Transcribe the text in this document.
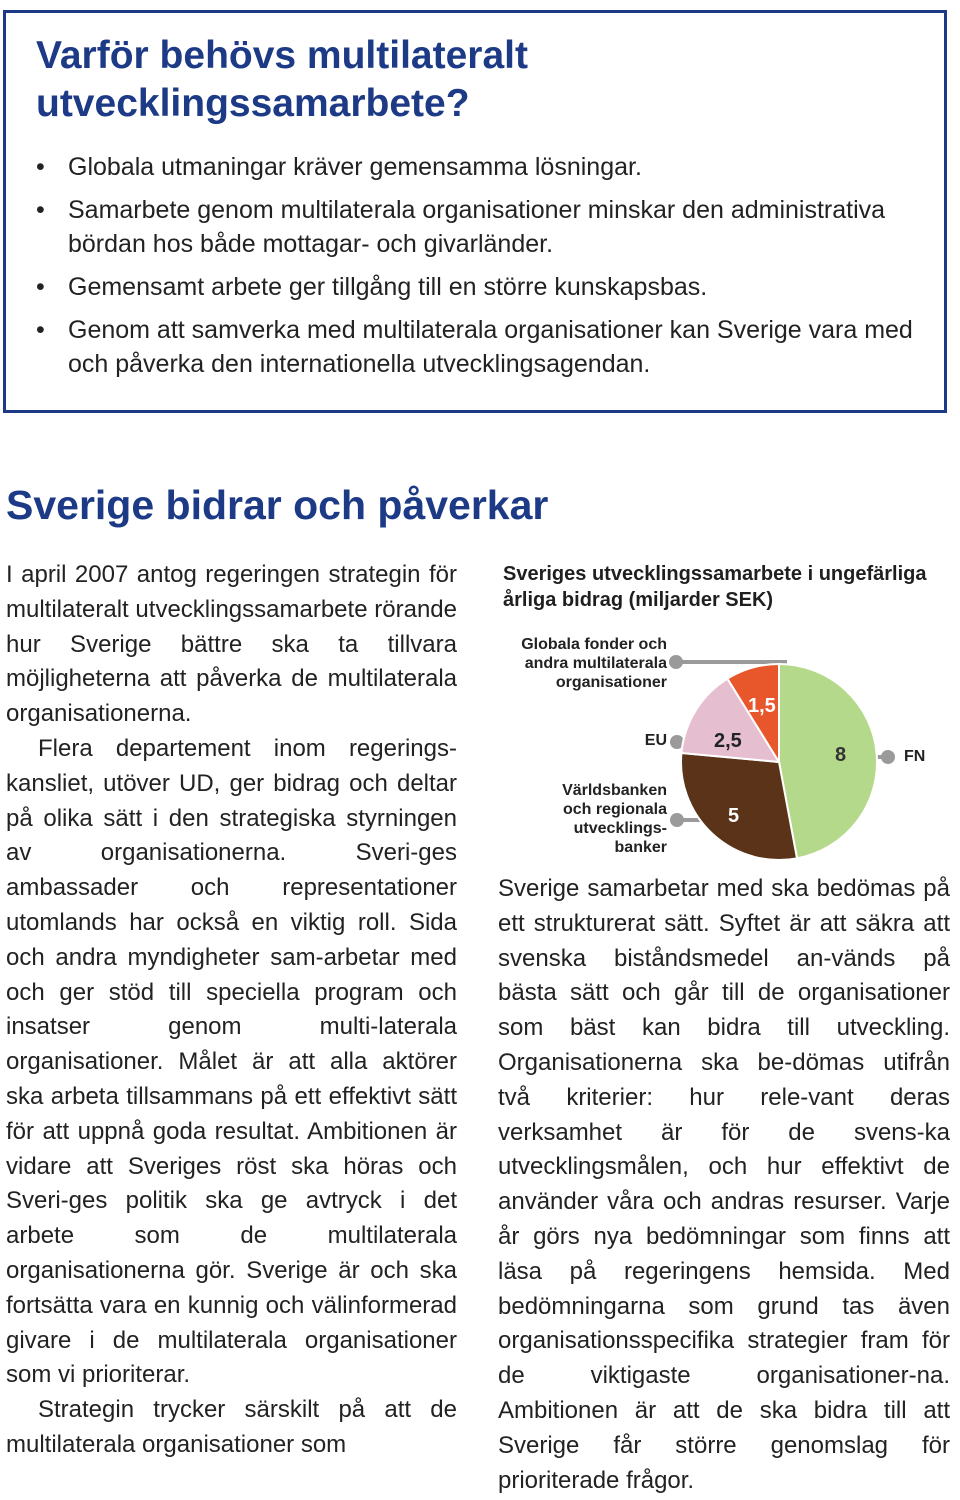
Varför behövs multilateralt utvecklingssamarbete?
• Globala utmaningar kräver gemensamma lösningar.
• Samarbete genom multilaterala organisationer minskar den administrativa bördan hos både mottagar- och givarländer.
• Gemensamt arbete ger tillgång till en större kunskapsbas.
• Genom att samverka med multilaterala organisationer kan Sverige vara med och påverka den internationella utvecklingsagendan.
Sverige bidrar och påverkar

I april 2007 antog regeringen strategin för multilateralt utvecklingssamarbete rörande hur Sverige bättre ska ta tillvara möjligheterna att påverka de multilaterala organisationerna.

Flera departement inom regerings-kansliet, utöver UD, ger bidrag och deltar på olika sätt i den strategiska styrningen av organisationerna. Sveri-ges ambassader och representationer utomlands har också en viktig roll. Sida och andra myndigheter sam-arbetar med och ger stöd till speciella program och insatser genom multi-laterala organisationer. Målet är att alla aktörer ska arbeta tillsammans på ett effektivt sätt för att uppnå goda resultat. Ambitionen är vidare att Sveriges röst ska höras och Sveri-ges politik ska ge avtryck i det arbete som de multilaterala organisationerna gör. Sverige är och ska fortsätta vara en kunnig och välinformerad givare i de multilaterala organisationer som vi prioriterar.

Strategin trycker särskilt på att de multilaterala organisationer som

Sveriges utvecklingssamarbete i ungefärliga årliga bidrag (miljarder SEK)
Globala fonder och
andra multilaterala
organisationer
EU
Världsbanken
och regionala
utvecklings-
banker
FN
8
5
2,5
1,5

Sverige samarbetar med ska bedömas på ett strukturerat sätt. Syftet är att säkra att svenska biståndsmedel an-vänds på bästa sätt och går till de organisationer som bäst kan bidra till utveckling. Organisationerna ska be-dömas utifrån två kriterier: hur rele-vant deras verksamhet är för de svens-ka utvecklingsmålen, och hur effektivt de använder våra och andras resurser. Varje år görs nya bedömningar som finns att läsa på regeringens hemsida. Med bedömningarna som grund tas även organisationsspecifika strategier fram för de viktigaste organisationer-na. Ambitionen är att de ska bidra till att Sverige får större genomslag för prioriterade frågor.
